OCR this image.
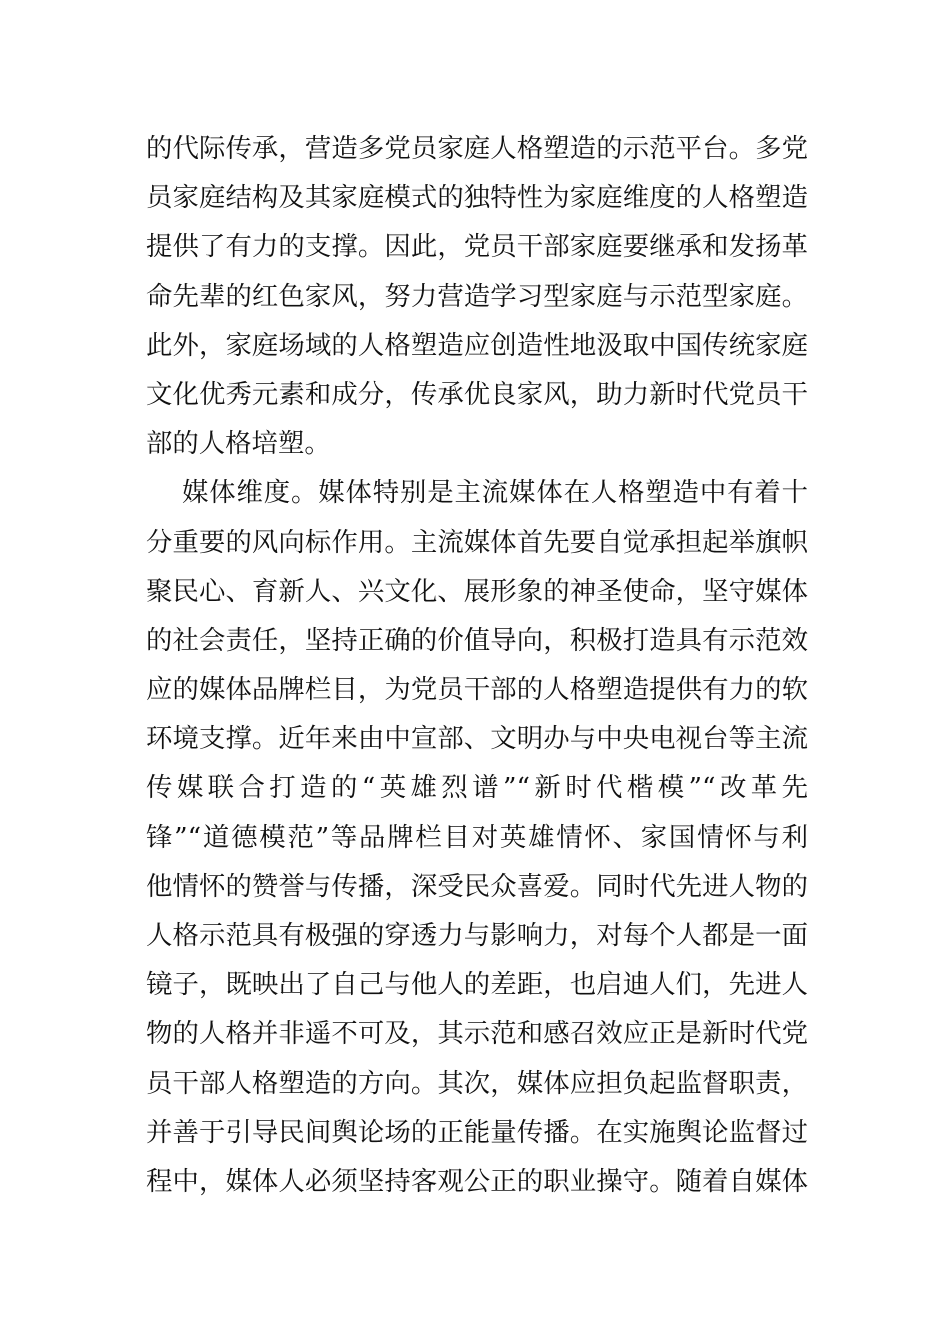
的代际传承，营造多党员家庭人格塑造的示范平台。多党
员家庭结构及其家庭模式的独特性为家庭维度的人格塑造
提供了有力的支撑。因此，党员干部家庭要继承和发扬革
命先辈的红色家风，努力营造学习型家庭与示范型家庭。
此外，家庭场域的人格塑造应创造性地汲取中国传统家庭
文化优秀元素和成分，传承优良家风，助力新时代党员干
部的人格培塑。
媒体维度。媒体特别是主流媒体在人格塑造中有着十
分重要的风向标作用。主流媒体首先要自觉承担起举旗帜
聚民心、育新人、兴文化、展形象的神圣使命，坚守媒体
的社会责任，坚持正确的价值导向，积极打造具有示范效
应的媒体品牌栏目，为党员干部的人格塑造提供有力的软
环境支撑。近年来由中宣部、文明办与中央电视台等主流
传媒联合打造的“英雄烈谱”“新时代楷模”“改革先
锋”“道德模范”等品牌栏目对英雄情怀、家国情怀与利
他情怀的赞誉与传播，深受民众喜爱。同时代先进人物的
人格示范具有极强的穿透力与影响力，对每个人都是一面
镜子，既映出了自己与他人的差距，也启迪人们，先进人
物的人格并非遥不可及，其示范和感召效应正是新时代党
员干部人格塑造的方向。其次，媒体应担负起监督职责，
并善于引导民间舆论场的正能量传播。在实施舆论监督过
程中，媒体人必须坚持客观公正的职业操守。随着自媒体
